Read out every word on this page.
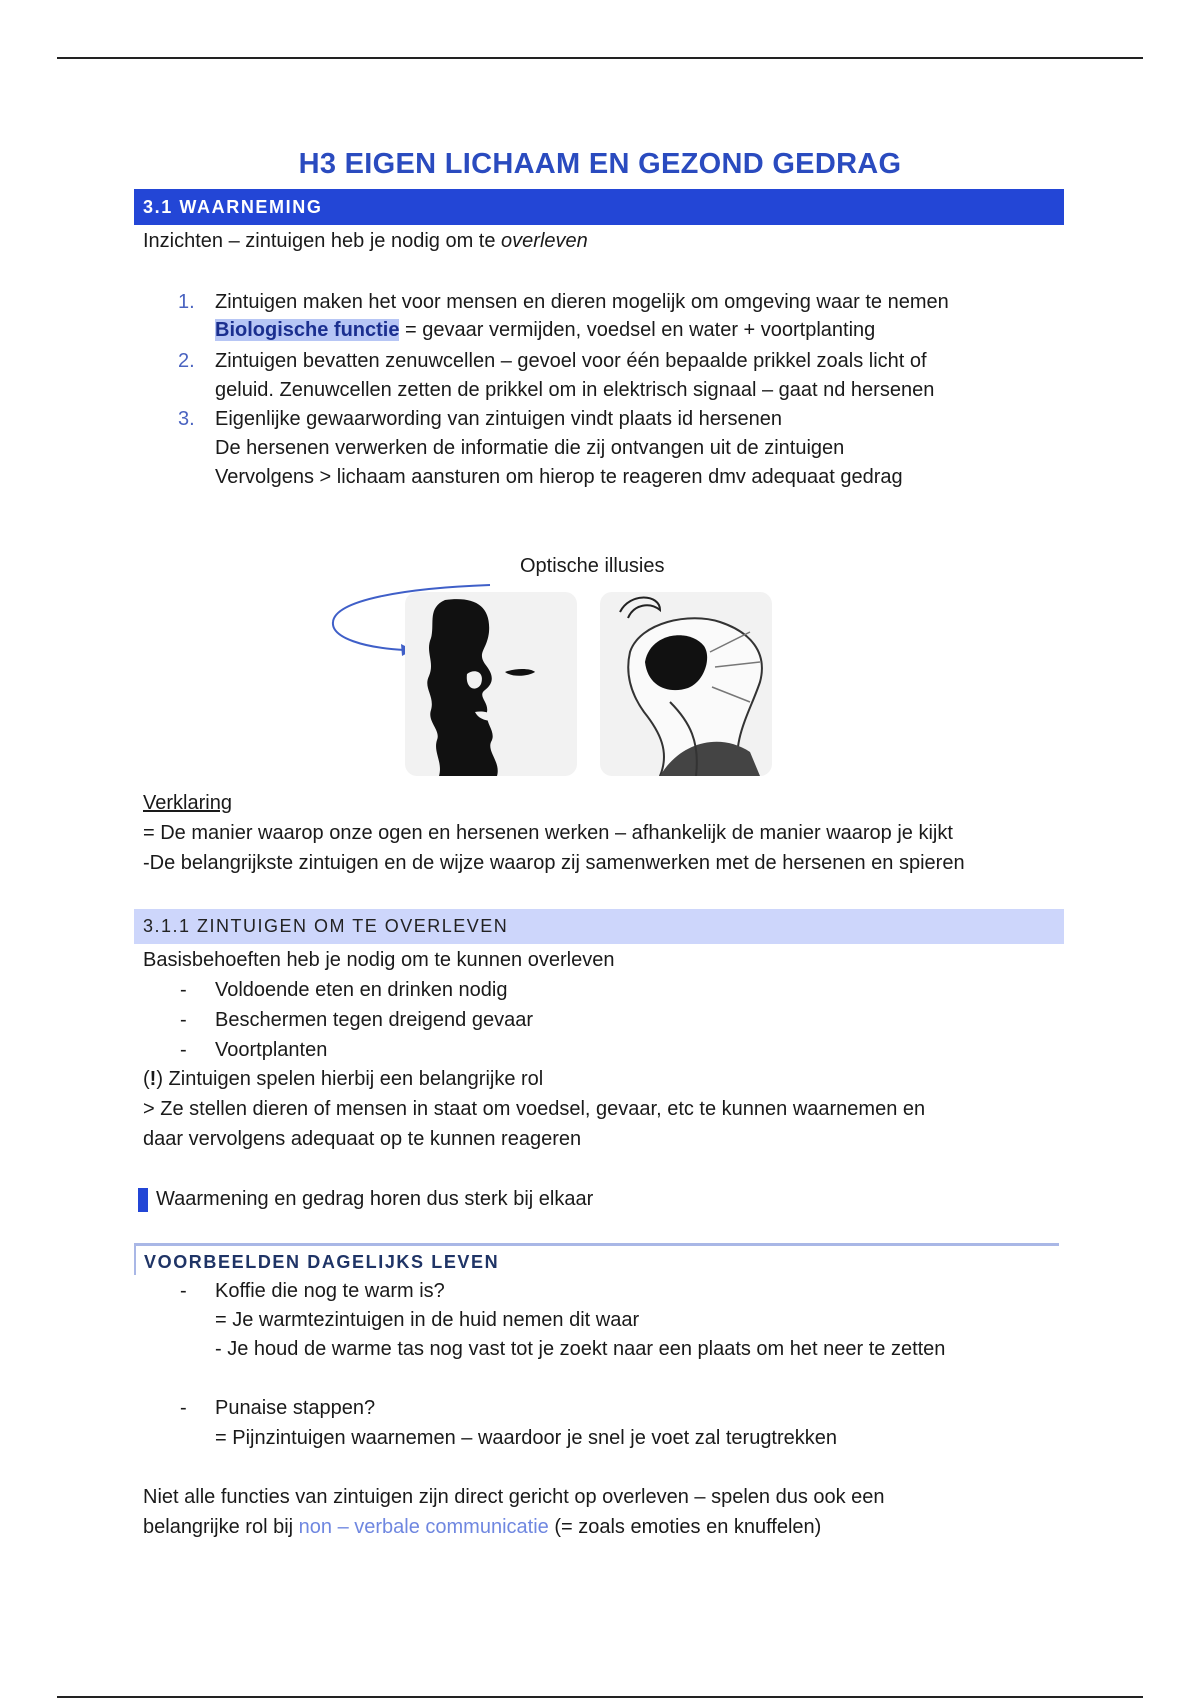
H3 EIGEN LICHAAM EN GEZOND GEDRAG
3.1 WAARNEMING
Inzichten – zintuigen heb je nodig om te overleven
1. Zintuigen maken het voor mensen en dieren mogelijk om omgeving waar te nemen
Biologische functie = gevaar vermijden, voedsel en water + voortplanting
2. Zintuigen bevatten zenuwcellen – gevoel voor één bepaalde prikkel zoals licht of
geluid. Zenuwcellen zetten de prikkel om in elektrisch signaal – gaat nd hersenen
3. Eigenlijke gewaarwording van zintuigen vindt plaats id hersenen
De hersenen verwerken de informatie die zij ontvangen uit de zintuigen
Vervolgens > lichaam aansturen om hierop te reageren dmv adequaat gedrag
Optische illusies
Verklaring
= De manier waarop onze ogen en hersenen werken – afhankelijk de manier waarop je kijkt
-De belangrijkste zintuigen en de wijze waarop zij samenwerken met de hersenen en spieren
3.1.1 ZINTUIGEN OM TE OVERLEVEN
Basisbehoeften heb je nodig om te kunnen overleven
- Voldoende eten en drinken nodig
- Beschermen tegen dreigend gevaar
- Voortplanten
(!) Zintuigen spelen hierbij een belangrijke rol
> Ze stellen dieren of mensen in staat om voedsel, gevaar, etc te kunnen waarnemen en
daar vervolgens adequaat op te kunnen reageren
Waarmening en gedrag horen dus sterk bij elkaar
VOORBEELDEN DAGELIJKS LEVEN
- Koffie die nog te warm is?
= Je warmtezintuigen in de huid nemen dit waar
- Je houd de warme tas nog vast tot je zoekt naar een plaats om het neer te zetten
- Punaise stappen?
= Pijnzintuigen waarnemen – waardoor je snel je voet zal terugtrekken
Niet alle functies van zintuigen zijn direct gericht op overleven – spelen dus ook een
belangrijke rol bij non – verbale communicatie (= zoals emoties en knuffelen)
